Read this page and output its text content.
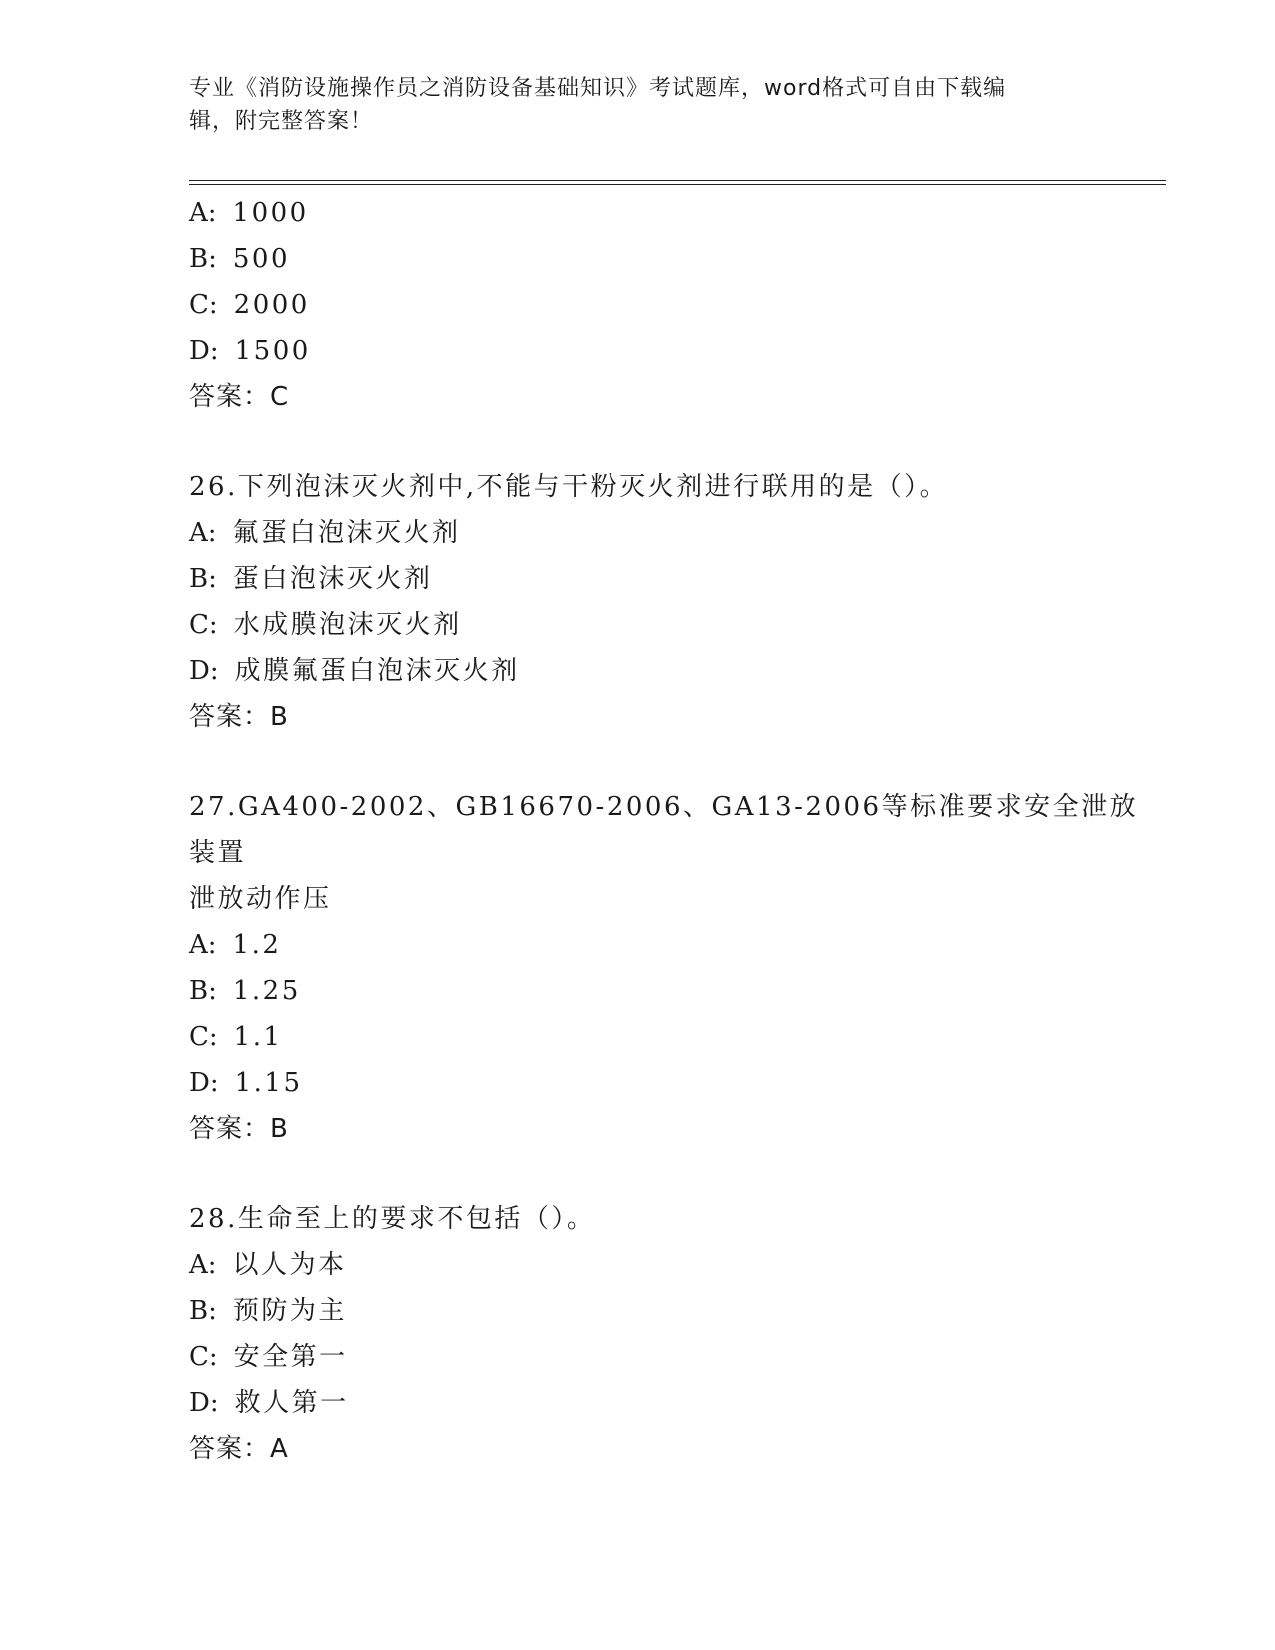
专业《消防设施操作员之消防设备基础知识》考试题库，word格式可自由下载编
辑，附完整答案！
A: 1000
B: 500
C: 2000
D: 1500
答案：C
26.下列泡沫灭火剂中,不能与干粉灭火剂进行联用的是（）。
A: 氟蛋白泡沫灭火剂
B: 蛋白泡沫灭火剂
C: 水成膜泡沫灭火剂
D: 成膜氟蛋白泡沫灭火剂
答案：B
27.GA400-2002、GB16670-2006、GA13-2006等标准要求安全泄放装置
泄放动作压
A: 1.2
B: 1.25
C: 1.1
D: 1.15
答案：B
28.生命至上的要求不包括（）。
A: 以人为本
B: 预防为主
C: 安全第一
D: 救人第一
答案：A
